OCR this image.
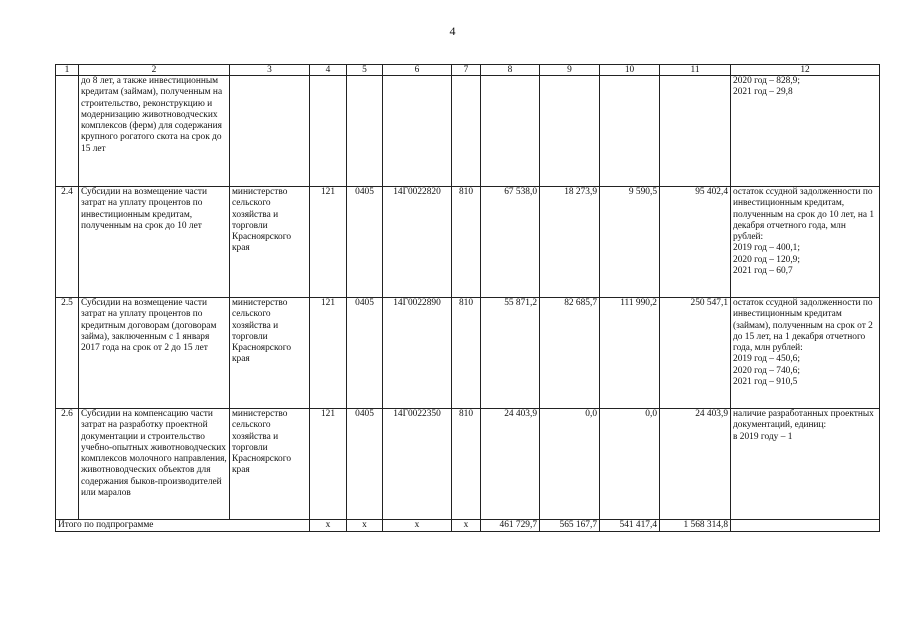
4
1	2	3	4	5	6	7	8	9	10	11	12
	до 8 лет, а также инвестиционным кредитам (займам), полученным на строительство, реконструкцию и модернизацию животноводческих комплексов (ферм) для содержания крупного рогатого скота на срок до 15 лет										2020 год – 828,9;
2021 год – 29,8
2.4	Субсидии на возмещение части затрат на уплату процентов по инвестиционным кредитам, полученным на срок до 10 лет	министерство сельского хозяйства и торговли Красноярского края	121	0405	14Г0022820	810	67 538,0	18 273,9	9 590,5	95 402,4	остаток ссудной задолженности по инвестиционным кредитам, полученным на срок до 10 лет, на 1 декабря отчетного года, млн рублей:
2019 год – 400,1;
2020 год – 120,9;
2021 год – 60,7
2.5	Субсидии на возмещение части затрат на уплату процентов по кредитным договорам (договорам займа), заключенным с 1 января 2017 года на срок от 2 до 15 лет	министерство сельского хозяйства и торговли Красноярского края	121	0405	14Г0022890	810	55 871,2	82 685,7	111 990,2	250 547,1	остаток ссудной задолженности по инвестиционным кредитам (займам), полученным на срок от 2 до 15 лет, на 1 декабря отчетного года, млн рублей:
2019 год – 450,6;
2020 год – 740,6;
2021 год – 910,5
2.6	Субсидии на компенсацию части затрат на разработку проектной документации и строительство учебно-опытных животноводческих комплексов молочного направления, животноводческих объектов для содержания быков-производителей или маралов	министерство сельского хозяйства и торговли Красноярского края	121	0405	14Г0022350	810	24 403,9	0,0	0,0	24 403,9	наличие разработанных проектных документаций, единиц:
в 2019 году – 1
Итого по подпрограмме			x	x	x	x	461 729,7	565 167,7	541 417,4	1 568 314,8	
